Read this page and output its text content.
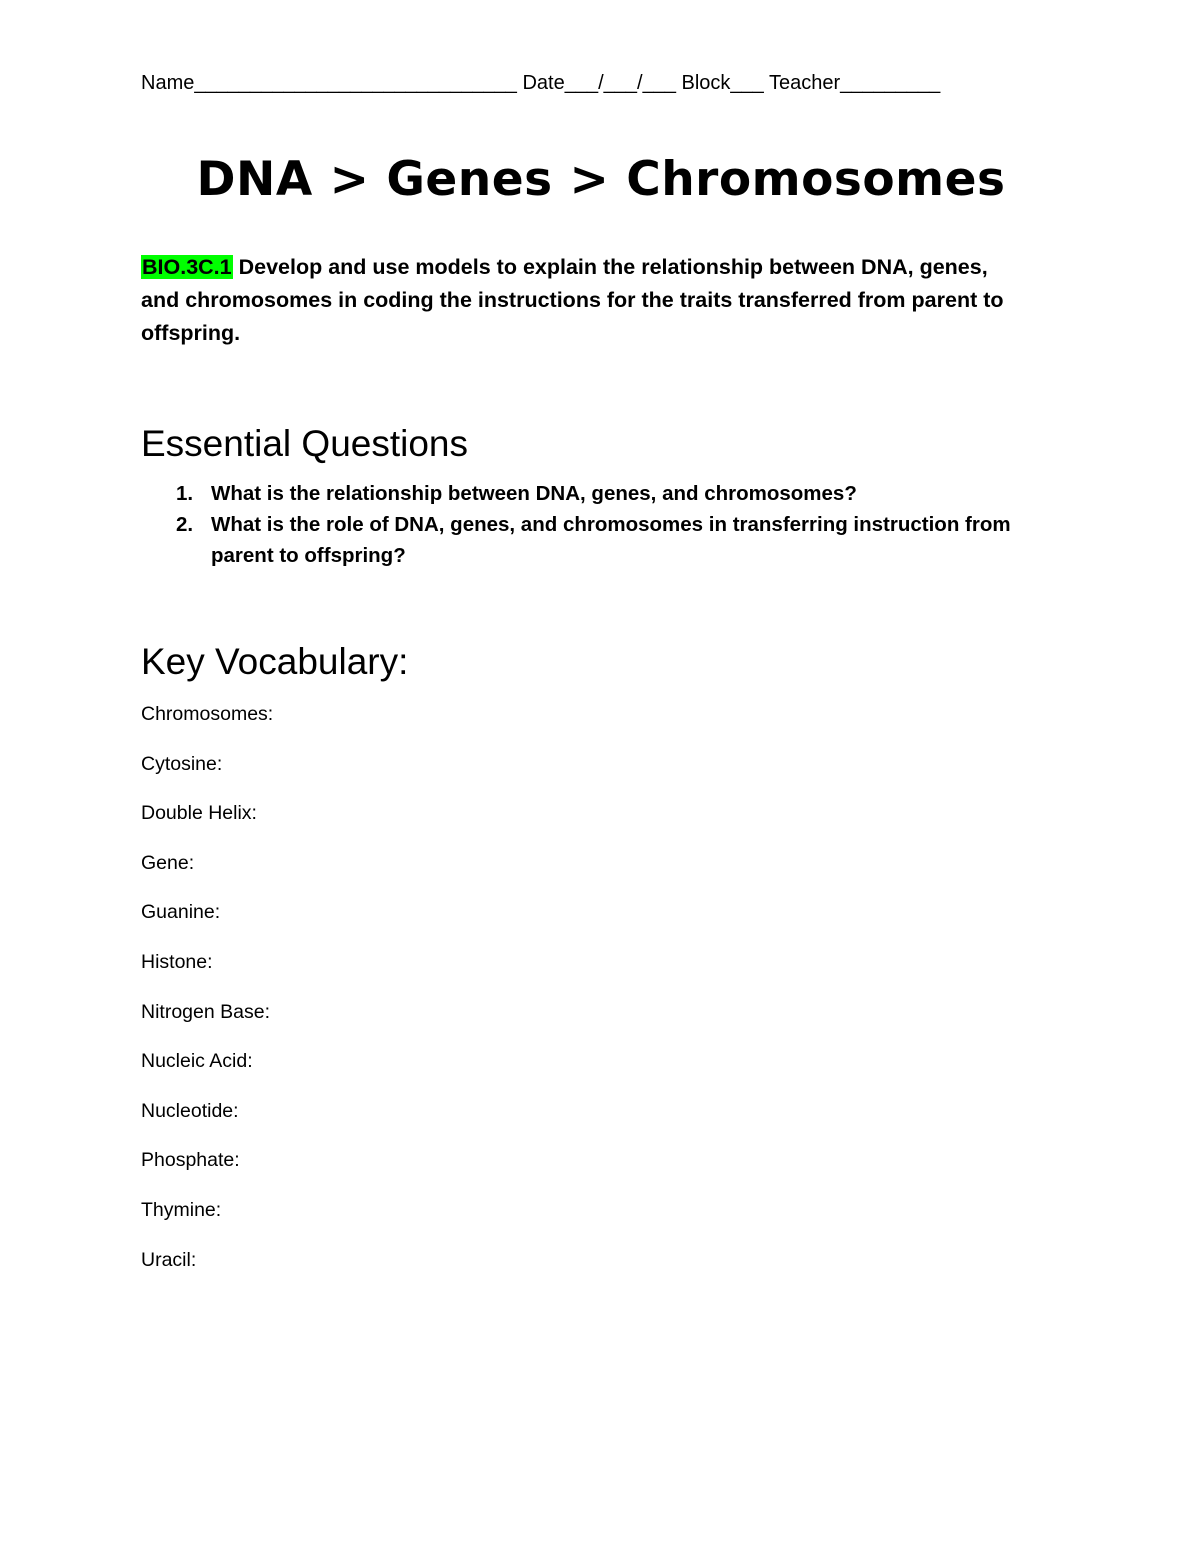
Name_____________________________ Date___/___/___ Block___ Teacher_________
DNA > Genes > Chromosomes

BIO.3C.1 Develop and use models to explain the relationship between DNA, genes, and chromosomes in coding the instructions for the traits transferred from parent to offspring.

Essential Questions
1. What is the relationship between DNA, genes, and chromosomes?
2. What is the role of DNA, genes, and chromosomes in transferring instruction from parent to offspring?
Key Vocabulary:
Chromosomes:
Cytosine:
Double Helix:
Gene:
Guanine:
Histone:
Nitrogen Base:
Nucleic Acid:
Nucleotide:
Phosphate:
Thymine:
Uracil:
